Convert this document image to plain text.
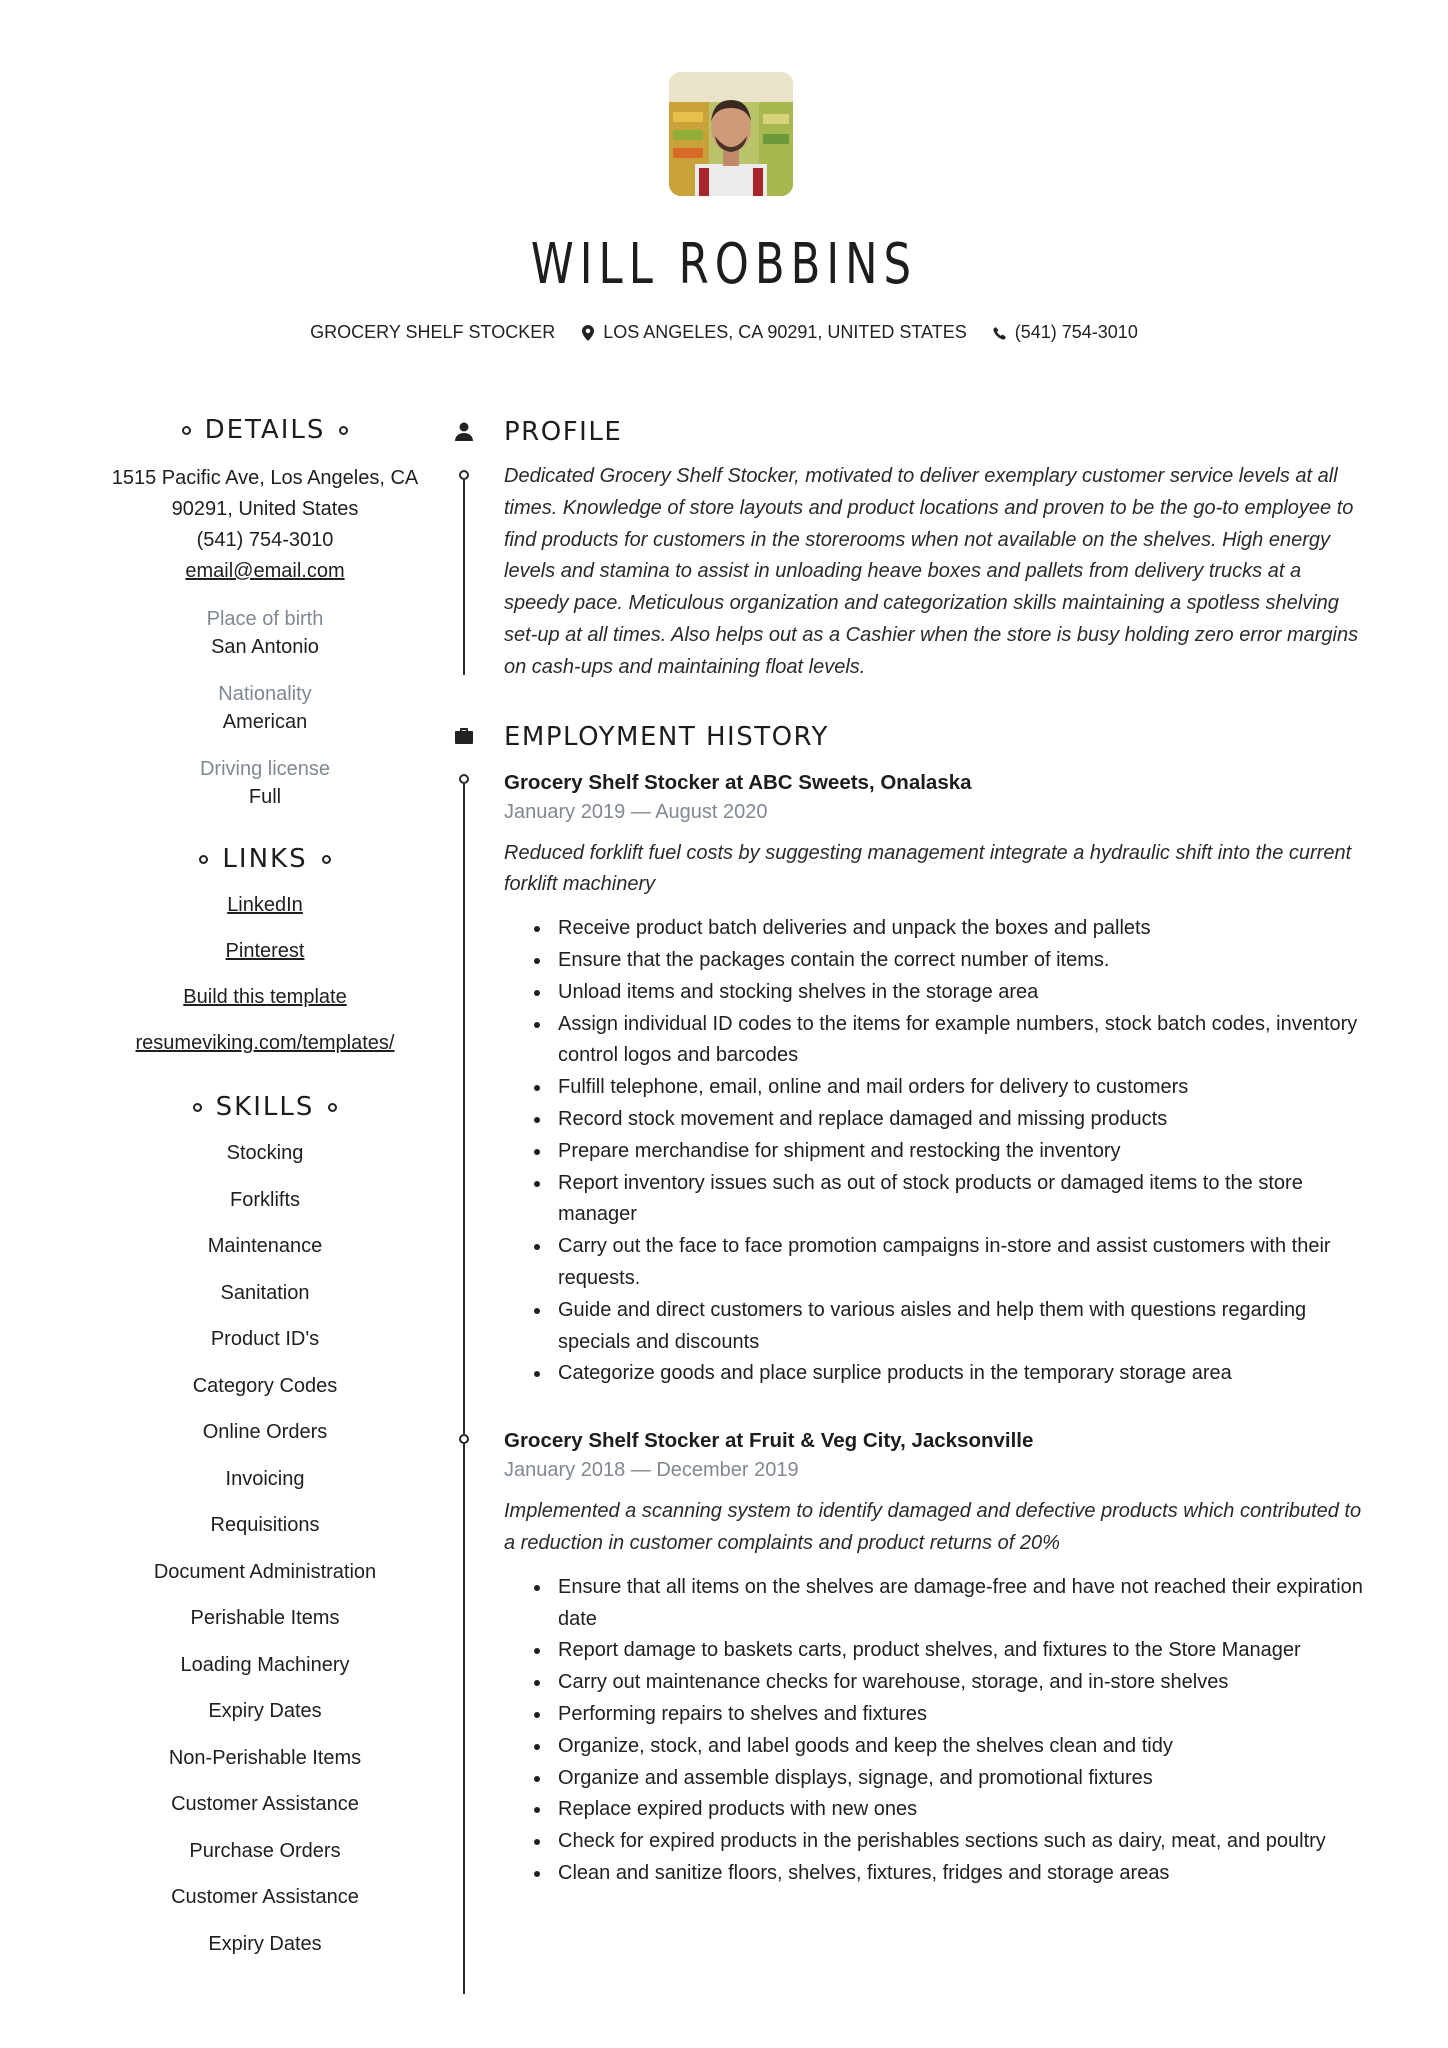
WILL ROBBINS
GROCERY SHELF STOCKER	LOS ANGELES, CA 90291, UNITED STATES	(541) 754-3010
DETAILS
1515 Pacific Ave, Los Angeles, CA
90291, United States
(541) 754-3010
email@email.com
Place of birth
San Antonio
Nationality
American
Driving license
Full
LINKS
LinkedIn
Pinterest
Build this template
resumeviking.com/templates/
SKILLS
Stocking
Forklifts
Maintenance
Sanitation
Product ID's
Category Codes
Online Orders
Invoicing
Requisitions
Document Administration
Perishable Items
Loading Machinery
Expiry Dates
Non-Perishable Items
Customer Assistance
Purchase Orders
Customer Assistance
Expiry Dates
PROFILE
Dedicated Grocery Shelf Stocker, motivated to deliver exemplary customer service levels at all times. Knowledge of store layouts and product locations and proven to be the go-to employee to find products for customers in the storerooms when not available on the shelves. High energy levels and stamina to assist in unloading heave boxes and pallets from delivery trucks at a speedy pace. Meticulous organization and categorization skills maintaining a spotless shelving set-up at all times. Also helps out as a Cashier when the store is busy holding zero error margins on cash-ups and maintaining float levels.
EMPLOYMENT HISTORY
Grocery Shelf Stocker at ABC Sweets, Onalaska
January 2019 — August 2020
Reduced forklift fuel costs by suggesting management integrate a hydraulic shift into the current forklift machinery
Receive product batch deliveries and unpack the boxes and pallets
Ensure that the packages contain the correct number of items.
Unload items and stocking shelves in the storage area
Assign individual ID codes to the items for example numbers, stock batch codes, inventory control logos and barcodes
Fulfill telephone, email, online and mail orders for delivery to customers
Record stock movement and replace damaged and missing products
Prepare merchandise for shipment and restocking the inventory
Report inventory issues such as out of stock products or damaged items to the store manager
Carry out the face to face promotion campaigns in-store and assist customers with their requests.
Guide and direct customers to various aisles and help them with questions regarding specials and discounts
Categorize goods and place surplice products in the temporary storage area
Grocery Shelf Stocker at Fruit & Veg City, Jacksonville
January 2018 — December 2019
Implemented a scanning system to identify damaged and defective products which contributed to a reduction in customer complaints and product returns of 20%
Ensure that all items on the shelves are damage-free and have not reached their expiration date
Report damage to baskets carts, product shelves, and fixtures to the Store Manager
Carry out maintenance checks for warehouse, storage, and in-store shelves
Performing repairs to shelves and fixtures
Organize, stock, and label goods and keep the shelves clean and tidy
Organize and assemble displays, signage, and promotional fixtures
Replace expired products with new ones
Check for expired products in the perishables sections such as dairy, meat, and poultry
Clean and sanitize floors, shelves, fixtures, fridges and storage areas
